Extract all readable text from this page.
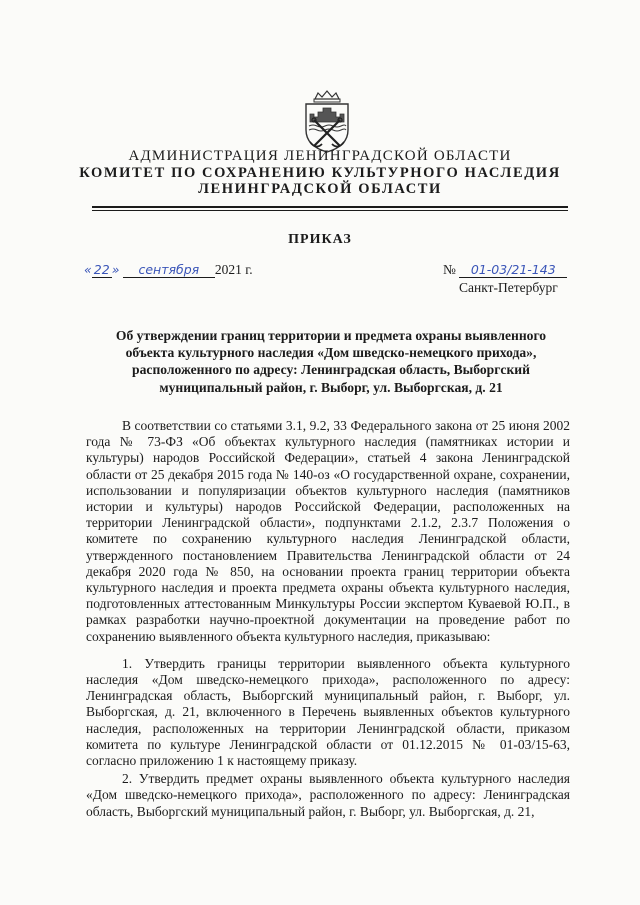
АДМИНИСТРАЦИЯ ЛЕНИНГРАДСКОЙ ОБЛАСТИ
КОМИТЕТ ПО СОХРАНЕНИЮ КУЛЬТУРНОГО НАСЛЕДИЯ
ЛЕНИНГРАДСКОЙ ОБЛАСТИ
ПРИКАЗ
« 22 » сентября 2021 г.	№ 01-03/21-143
Санкт-Петербург
Об утверждении границ территории и предмета охраны выявленного объекта культурного наследия «Дом шведско-немецкого прихода», расположенного по адресу: Ленинградская область, Выборгский муниципальный район, г. Выборг, ул. Выборгская, д. 21

В соответствии со статьями 3.1, 9.2, 33 Федерального закона от 25 июня 2002 года № 73-ФЗ «Об объектах культурного наследия (памятниках истории и культуры) народов Российской Федерации», статьей 4 закона Ленинградской области от 25 декабря 2015 года № 140-оз «О государственной охране, сохранении, использовании и популяризации объектов культурного наследия (памятников истории и культуры) народов Российской Федерации, расположенных на территории Ленинградской области», подпунктами 2.1.2, 2.3.7 Положения о комитете по сохранению культурного наследия Ленинградской области, утвержденного постановлением Правительства Ленинградской области от 24 декабря 2020 года № 850, на основании проекта границ территории объекта культурного наследия и проекта предмета охраны объекта культурного наследия, подготовленных аттестованным Минкультуры России экспертом Куваевой Ю.П., в рамках разработки научно-проектной документации на проведение работ по сохранению выявленного объекта культурного наследия, приказываю:

1. Утвердить границы территории выявленного объекта культурного наследия «Дом шведско-немецкого прихода», расположенного по адресу: Ленинградская область, Выборгский муниципальный район, г. Выборг, ул. Выборгская, д. 21, включенного в Перечень выявленных объектов культурного наследия, расположенных на территории Ленинградской области, приказом комитета по культуре Ленинградской области от 01.12.2015 № 01-03/15-63, согласно приложению 1 к настоящему приказу.

2. Утвердить предмет охраны выявленного объекта культурного наследия «Дом шведско-немецкого прихода», расположенного по адресу: Ленинградская область, Выборгский муниципальный район, г. Выборг, ул. Выборгская, д. 21,
